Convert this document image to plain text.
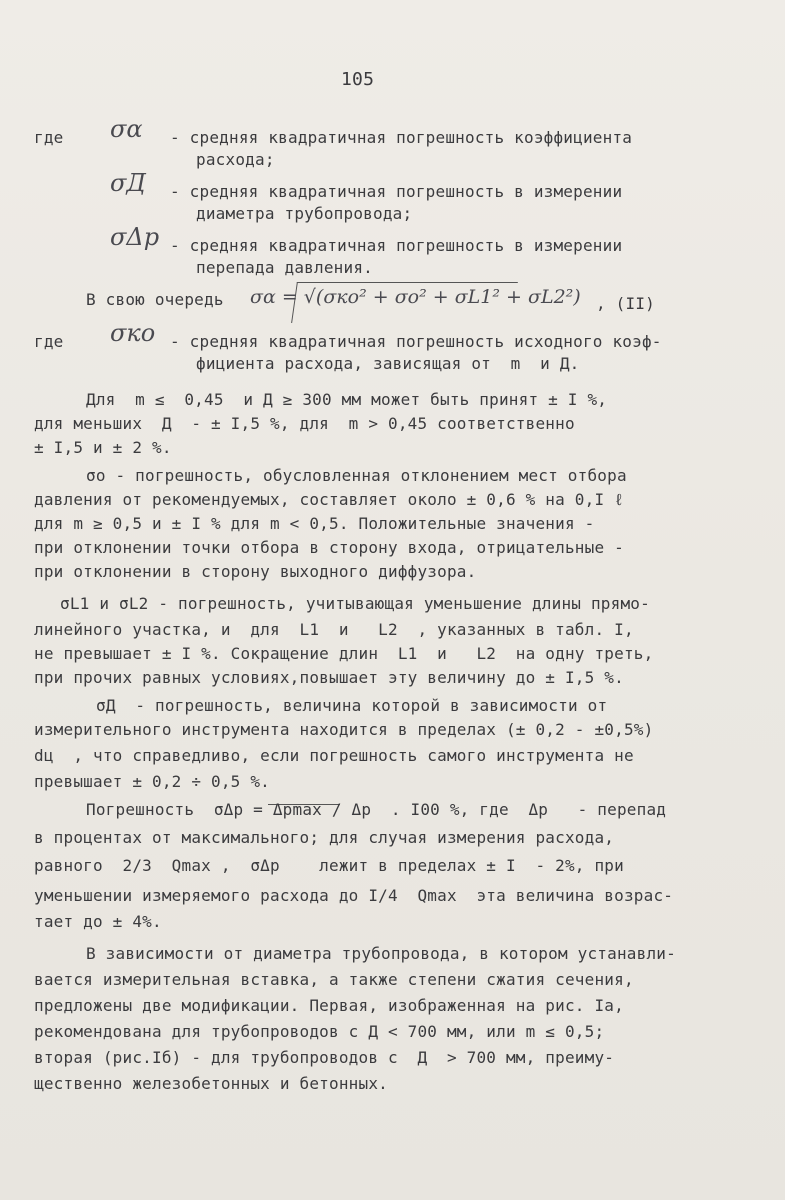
105
где σα - средняя квадратичная погрешность коэффициента
расхода;
σД - средняя квадратичная погрешность в измерении
диаметра трубопровода;
σΔp - средняя квадратичная погрешность в измерении
перепада давления.
В свою очередь σα = √(σко² + σо² + σL1² + σL2²) , (II)
где σко - средняя квадратичная погрешность исходного коэф-
фициента расхода, зависящая от  m  и Д.
Для  m ≤  0,45  и Д ≥ 300 мм может быть принят ± I %,
для меньших  Д  - ± I,5 %, для  m > 0,45 соответственно
± I,5 и ± 2 %.
σо - погрешность, обусловленная отклонением мест отбора
давления от рекомендуемых, составляет около ± 0,6 % на 0,I ℓ
для m ≥ 0,5 и ± I % для m < 0,5. Положительные значения -
при отклонении точки отбора в сторону входа, отрицательные -
при отклонении в сторону выходного диффузора.
σL1 и σL2 - погрешность, учитывающая уменьшение длины прямо-
линейного участка, и  для  L1  и   L2  , указанных в табл. I,
не превышает ± I %. Сокращение длин  L1  и   L2  на одну треть,
при прочих равных условиях,повышает эту величину до ± I,5 %.
σД  - погрешность, величина которой в зависимости от
измерительного инструмента находится в пределах (± 0,2 - ±0,5%)
dц  , что справедливо, если погрешность самого инструмента не
превышает ± 0,2 ÷ 0,5 %.
Погрешность  σΔp = Δpmax / Δp  . I00 %, где  Δp   - перепад
в процентах от максимального; для случая измерения расхода,
равного  2/3  Qmax ,  σΔp    лежит в пределах ± I  - 2%, при
уменьшении измеряемого расхода до I/4  Qmax  эта величина возрас-
тает до ± 4%.
В зависимости от диаметра трубопровода, в котором устанавли-
вается измерительная вставка, а также степени сжатия сечения,
предложены две модификации. Первая, изображенная на рис. Iа,
рекомендована для трубопроводов с Д < 700 мм, или m ≤ 0,5;
вторая (рис.Iб) - для трубопроводов с  Д  > 700 мм, преиму-
щественно железобетонных и бетонных.
